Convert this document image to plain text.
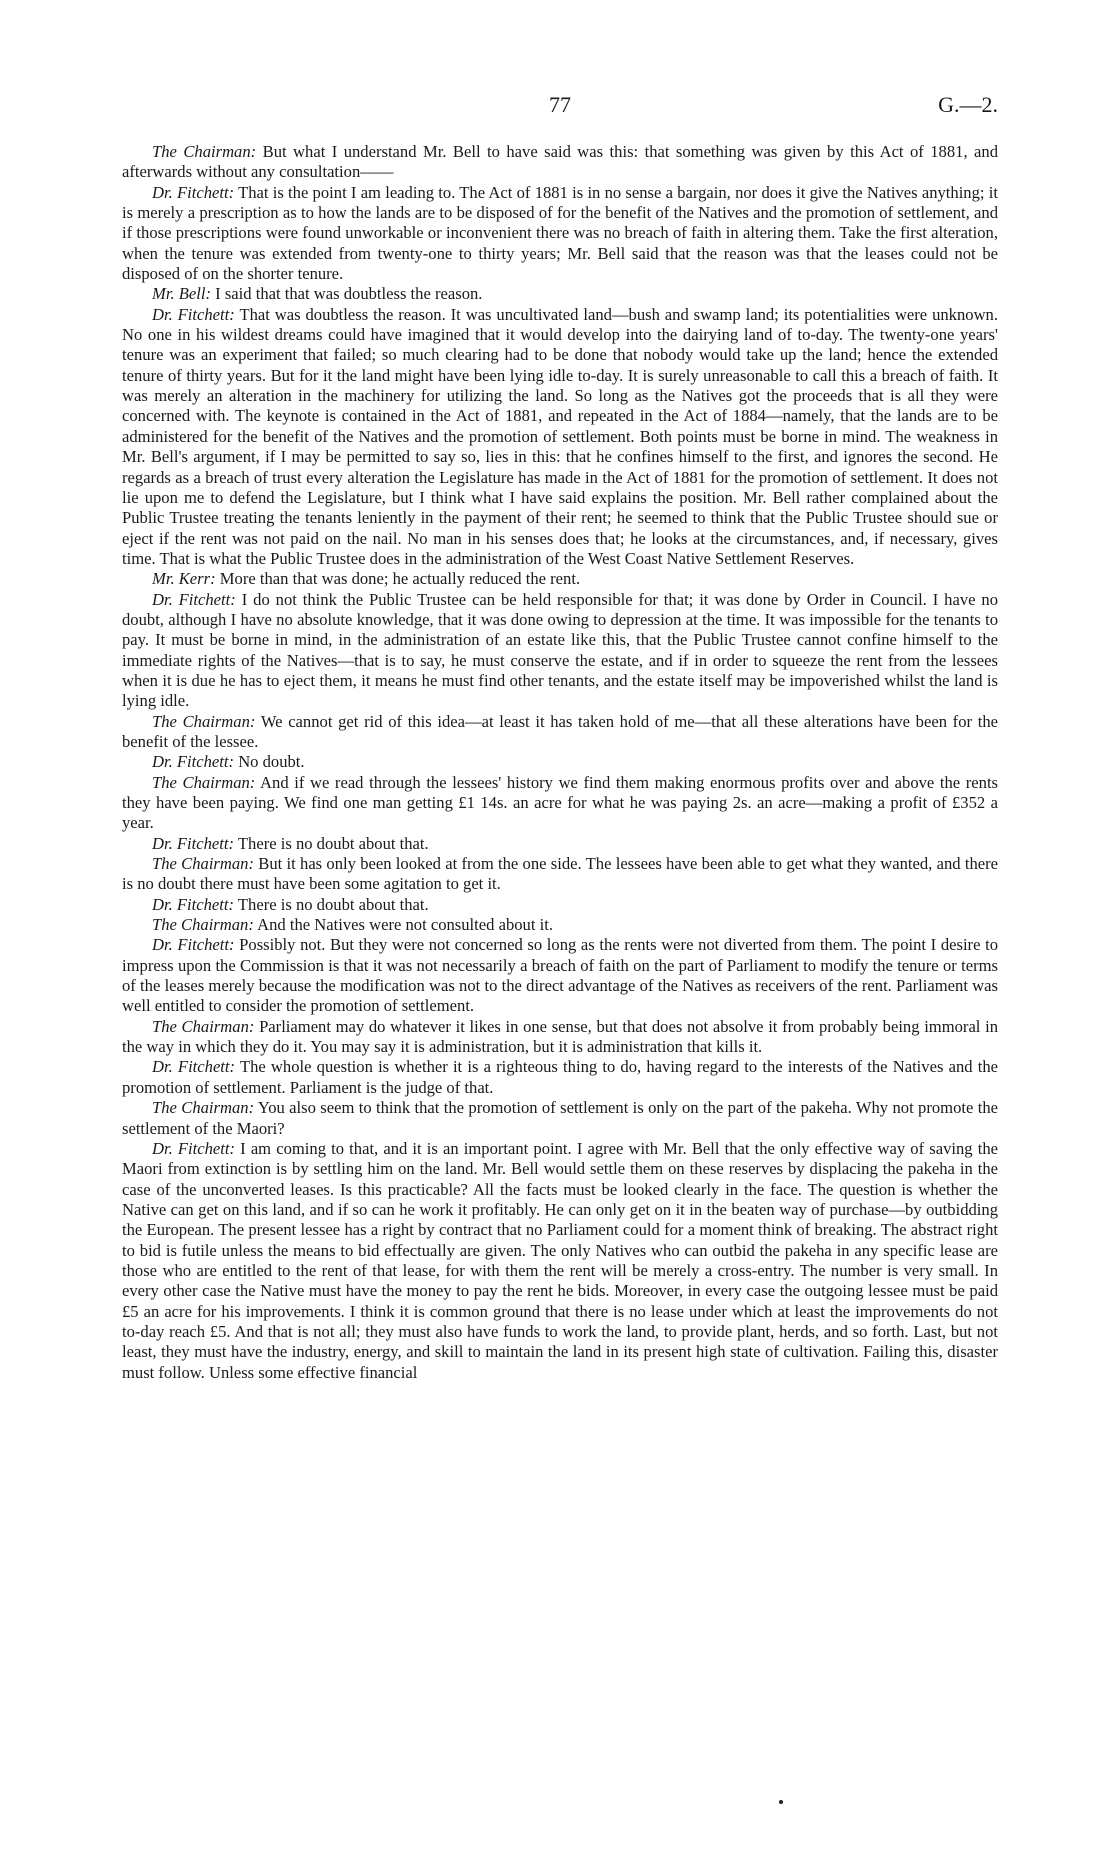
77	G.—2.

The Chairman: But what I understand Mr. Bell to have said was this: that something was given by this Act of 1881, and afterwards without any consultation——

Dr. Fitchett: That is the point I am leading to. The Act of 1881 is in no sense a bargain, nor does it give the Natives anything; it is merely a prescription as to how the lands are to be disposed of for the benefit of the Natives and the promotion of settlement, and if those prescriptions were found unworkable or inconvenient there was no breach of faith in altering them. Take the first alteration, when the tenure was extended from twenty-one to thirty years; Mr. Bell said that the reason was that the leases could not be disposed of on the shorter tenure.

Mr. Bell: I said that that was doubtless the reason.

Dr. Fitchett: That was doubtless the reason. It was uncultivated land—bush and swamp land; its potentialities were unknown. No one in his wildest dreams could have imagined that it would develop into the dairying land of to-day. The twenty-one years' tenure was an experiment that failed; so much clearing had to be done that nobody would take up the land; hence the extended tenure of thirty years. But for it the land might have been lying idle to-day. It is surely unreasonable to call this a breach of faith. It was merely an alteration in the machinery for utilizing the land. So long as the Natives got the proceeds that is all they were concerned with. The keynote is contained in the Act of 1881, and repeated in the Act of 1884—namely, that the lands are to be administered for the benefit of the Natives and the promotion of settlement. Both points must be borne in mind. The weakness in Mr. Bell's argument, if I may be permitted to say so, lies in this: that he confines himself to the first, and ignores the second. He regards as a breach of trust every alteration the Legislature has made in the Act of 1881 for the promotion of settlement. It does not lie upon me to defend the Legislature, but I think what I have said explains the position. Mr. Bell rather complained about the Public Trustee treating the tenants leniently in the payment of their rent; he seemed to think that the Public Trustee should sue or eject if the rent was not paid on the nail. No man in his senses does that; he looks at the circumstances, and, if necessary, gives time. That is what the Public Trustee does in the administration of the West Coast Native Settlement Reserves.

Mr. Kerr: More than that was done; he actually reduced the rent.

Dr. Fitchett: I do not think the Public Trustee can be held responsible for that; it was done by Order in Council. I have no doubt, although I have no absolute knowledge, that it was done owing to depression at the time. It was impossible for the tenants to pay. It must be borne in mind, in the administration of an estate like this, that the Public Trustee cannot confine himself to the immediate rights of the Natives—that is to say, he must conserve the estate, and if in order to squeeze the rent from the lessees when it is due he has to eject them, it means he must find other tenants, and the estate itself may be impoverished whilst the land is lying idle.

The Chairman: We cannot get rid of this idea—at least it has taken hold of me—that all these alterations have been for the benefit of the lessee.

Dr. Fitchett: No doubt.

The Chairman: And if we read through the lessees' history we find them making enormous profits over and above the rents they have been paying. We find one man getting £1 14s. an acre for what he was paying 2s. an acre—making a profit of £352 a year.

Dr. Fitchett: There is no doubt about that.

The Chairman: But it has only been looked at from the one side. The lessees have been able to get what they wanted, and there is no doubt there must have been some agitation to get it.

Dr. Fitchett: There is no doubt about that.

The Chairman: And the Natives were not consulted about it.

Dr. Fitchett: Possibly not. But they were not concerned so long as the rents were not diverted from them. The point I desire to impress upon the Commission is that it was not necessarily a breach of faith on the part of Parliament to modify the tenure or terms of the leases merely because the modification was not to the direct advantage of the Natives as receivers of the rent. Parliament was well entitled to consider the promotion of settlement.

The Chairman: Parliament may do whatever it likes in one sense, but that does not absolve it from probably being immoral in the way in which they do it. You may say it is administration, but it is administration that kills it.

Dr. Fitchett: The whole question is whether it is a righteous thing to do, having regard to the interests of the Natives and the promotion of settlement. Parliament is the judge of that.

The Chairman: You also seem to think that the promotion of settlement is only on the part of the pakeha. Why not promote the settlement of the Maori?

Dr. Fitchett: I am coming to that, and it is an important point. I agree with Mr. Bell that the only effective way of saving the Maori from extinction is by settling him on the land. Mr. Bell would settle them on these reserves by displacing the pakeha in the case of the unconverted leases. Is this practicable? All the facts must be looked clearly in the face. The question is whether the Native can get on this land, and if so can he work it profitably. He can only get on it in the beaten way of purchase—by outbidding the European. The present lessee has a right by contract that no Parliament could for a moment think of breaking. The abstract right to bid is futile unless the means to bid effectually are given. The only Natives who can outbid the pakeha in any specific lease are those who are entitled to the rent of that lease, for with them the rent will be merely a cross-entry. The number is very small. In every other case the Native must have the money to pay the rent he bids. Moreover, in every case the outgoing lessee must be paid £5 an acre for his improvements. I think it is common ground that there is no lease under which at least the improvements do not to-day reach £5. And that is not all; they must also have funds to work the land, to provide plant, herds, and so forth. Last, but not least, they must have the industry, energy, and skill to maintain the land in its present high state of cultivation. Failing this, disaster must follow. Unless some effective financial
